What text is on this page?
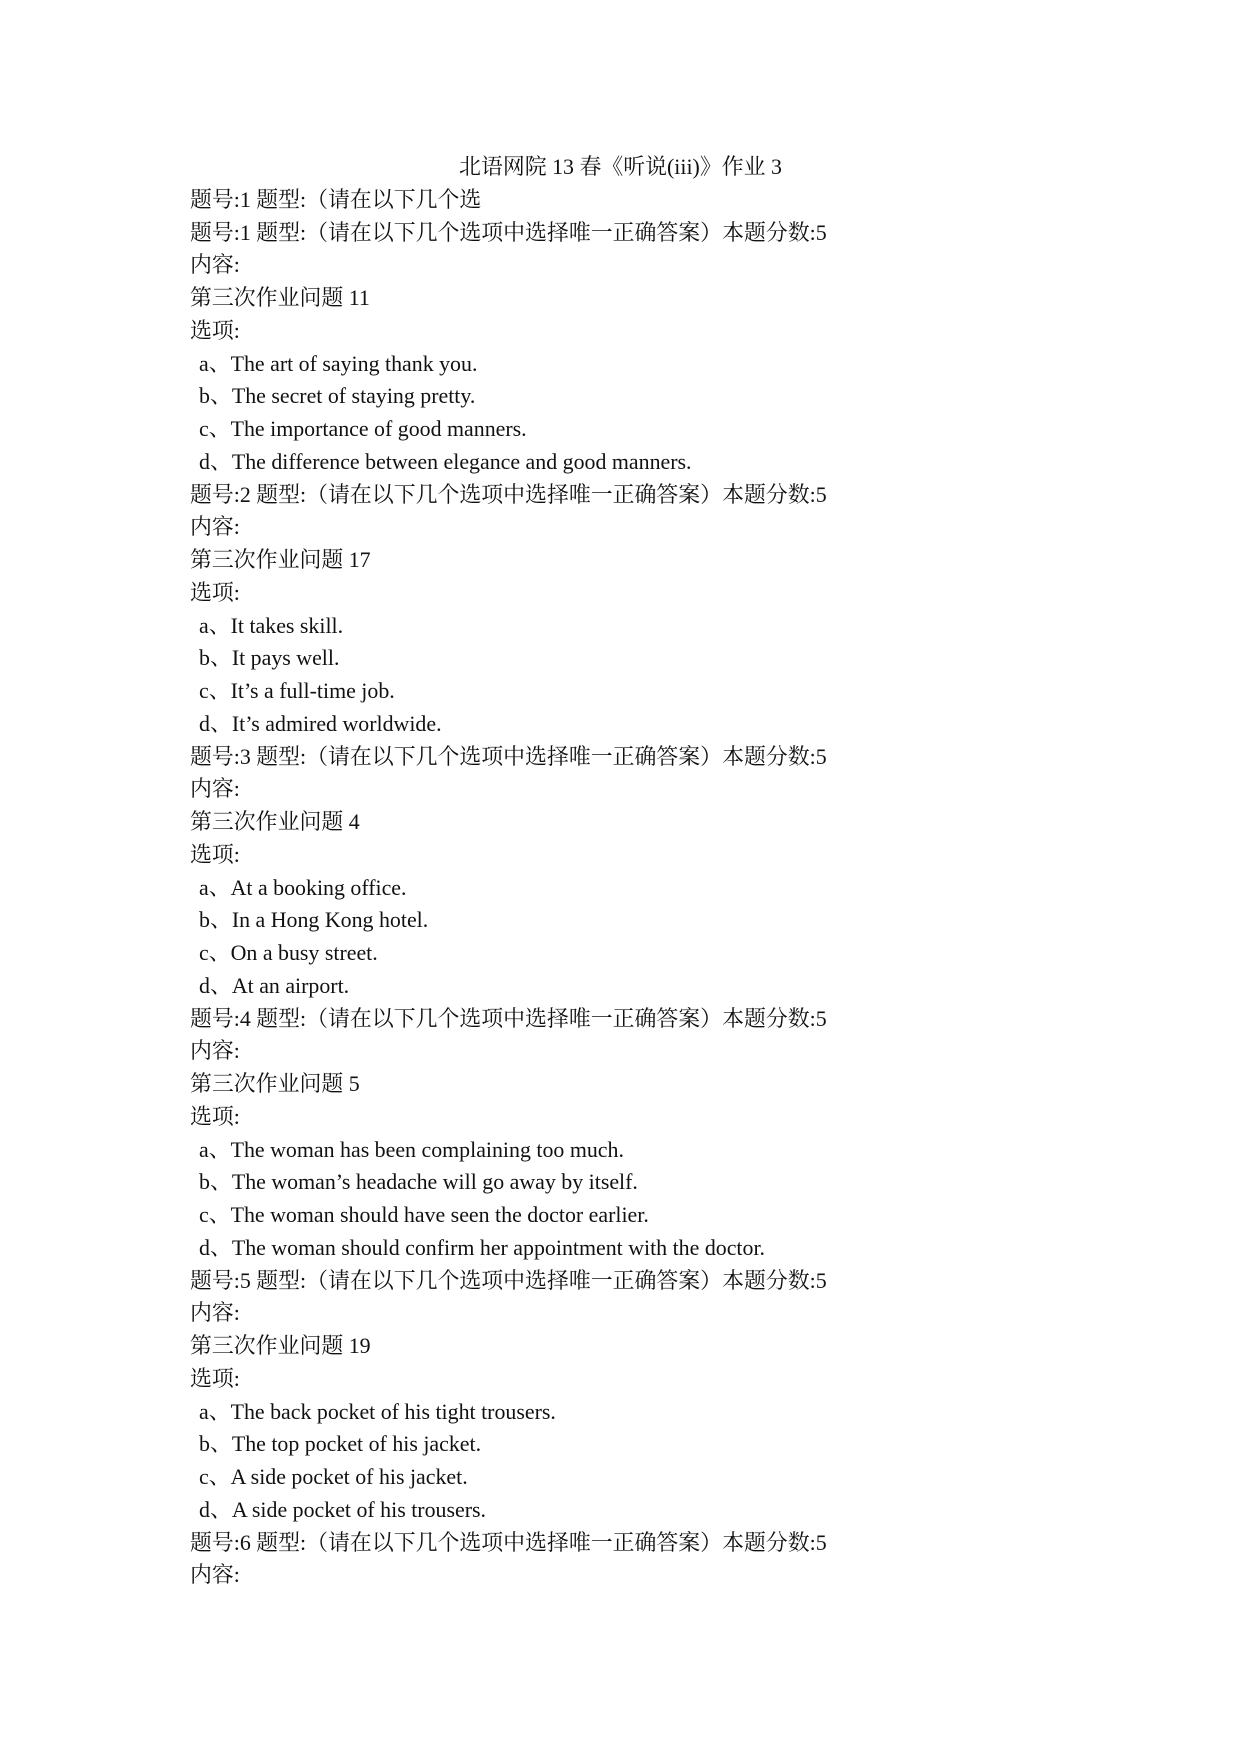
北语网院 13 春《听说(iii)》作业 3
题号:1 题型:（请在以下几个选
题号:1 题型:（请在以下几个选项中选择唯一正确答案）本题分数:5
内容:
第三次作业问题 11
选项:
a、The art of saying thank you.
b、The secret of staying pretty.
c、The importance of good manners.
d、The difference between elegance and good manners.
题号:2 题型:（请在以下几个选项中选择唯一正确答案）本题分数:5
内容:
第三次作业问题 17
选项:
a、It takes skill.
b、It pays well.
c、It’s a full-time job.
d、It’s admired worldwide.
题号:3 题型:（请在以下几个选项中选择唯一正确答案）本题分数:5
内容:
第三次作业问题 4
选项:
a、At a booking office.
b、In a Hong Kong hotel.
c、On a busy street.
d、At an airport.
题号:4 题型:（请在以下几个选项中选择唯一正确答案）本题分数:5
内容:
第三次作业问题 5
选项:
a、The woman has been complaining too much.
b、The woman’s headache will go away by itself.
c、The woman should have seen the doctor earlier.
d、The woman should confirm her appointment with the doctor.
题号:5 题型:（请在以下几个选项中选择唯一正确答案）本题分数:5
内容:
第三次作业问题 19
选项:
a、The back pocket of his tight trousers.
b、The top pocket of his jacket.
c、A side pocket of his jacket.
d、A side pocket of his trousers.
题号:6 题型:（请在以下几个选项中选择唯一正确答案）本题分数:5
内容:
